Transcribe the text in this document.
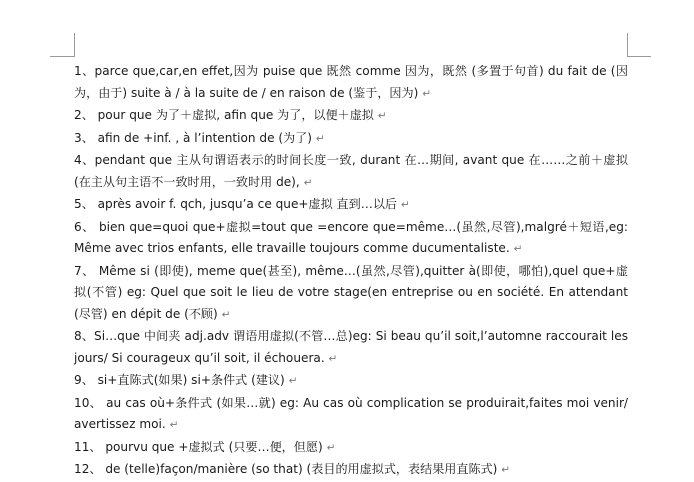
1、parce que,car,en effet,因为 puise que 既然 comme 因为，既然 (多置于句首) du fait de (因为，由于) suite à / à la suite de / en raison de (鉴于，因为) ↵

2、 pour que 为了＋虚拟, afin que 为了，以便＋虚拟 ↵

3、 afin de +inf. , à l’intention de (为了) ↵

4、pendant que 主从句谓语表示的时间长度一致, durant 在…期间, avant que 在……之前＋虚拟(在主从句主语不一致时用，一致时用 de), ↵

5、 après avoir f. qch, jusqu’a ce que+虚拟 直到…以后 ↵

6、 bien que=quoi que+虚拟=tout que =encore que=même…(虽然,尽管),malgré＋短语,eg: Même avec trios enfants, elle travaille toujours comme ducumentaliste. ↵

7、 Même si (即使), meme que(甚至), même…(虽然,尽管),quitter à(即使，哪怕),quel que+虚拟(不管) eg: Quel que soit le lieu de votre stage(en entreprise ou en société. En attendant (尽管) en dépit de (不顾) ↵

8、Si…que 中间夹 adj.adv 谓语用虚拟(不管…总)eg: Si beau qu’il soit,l’automne raccourait les jours/ Si courageux qu’il soit, il échouera. ↵

9、 si+直陈式(如果) si+条件式 (建议) ↵

10、 au cas où+条件式 (如果…就) eg: Au cas où complication se produirait,faites moi venir/ avertissez moi. ↵

11、 pourvu que +虚拟式 (只要…便，但愿) ↵

12、 de (telle)façon/manière (so that) (表目的用虚拟式，表结果用直陈式) ↵
